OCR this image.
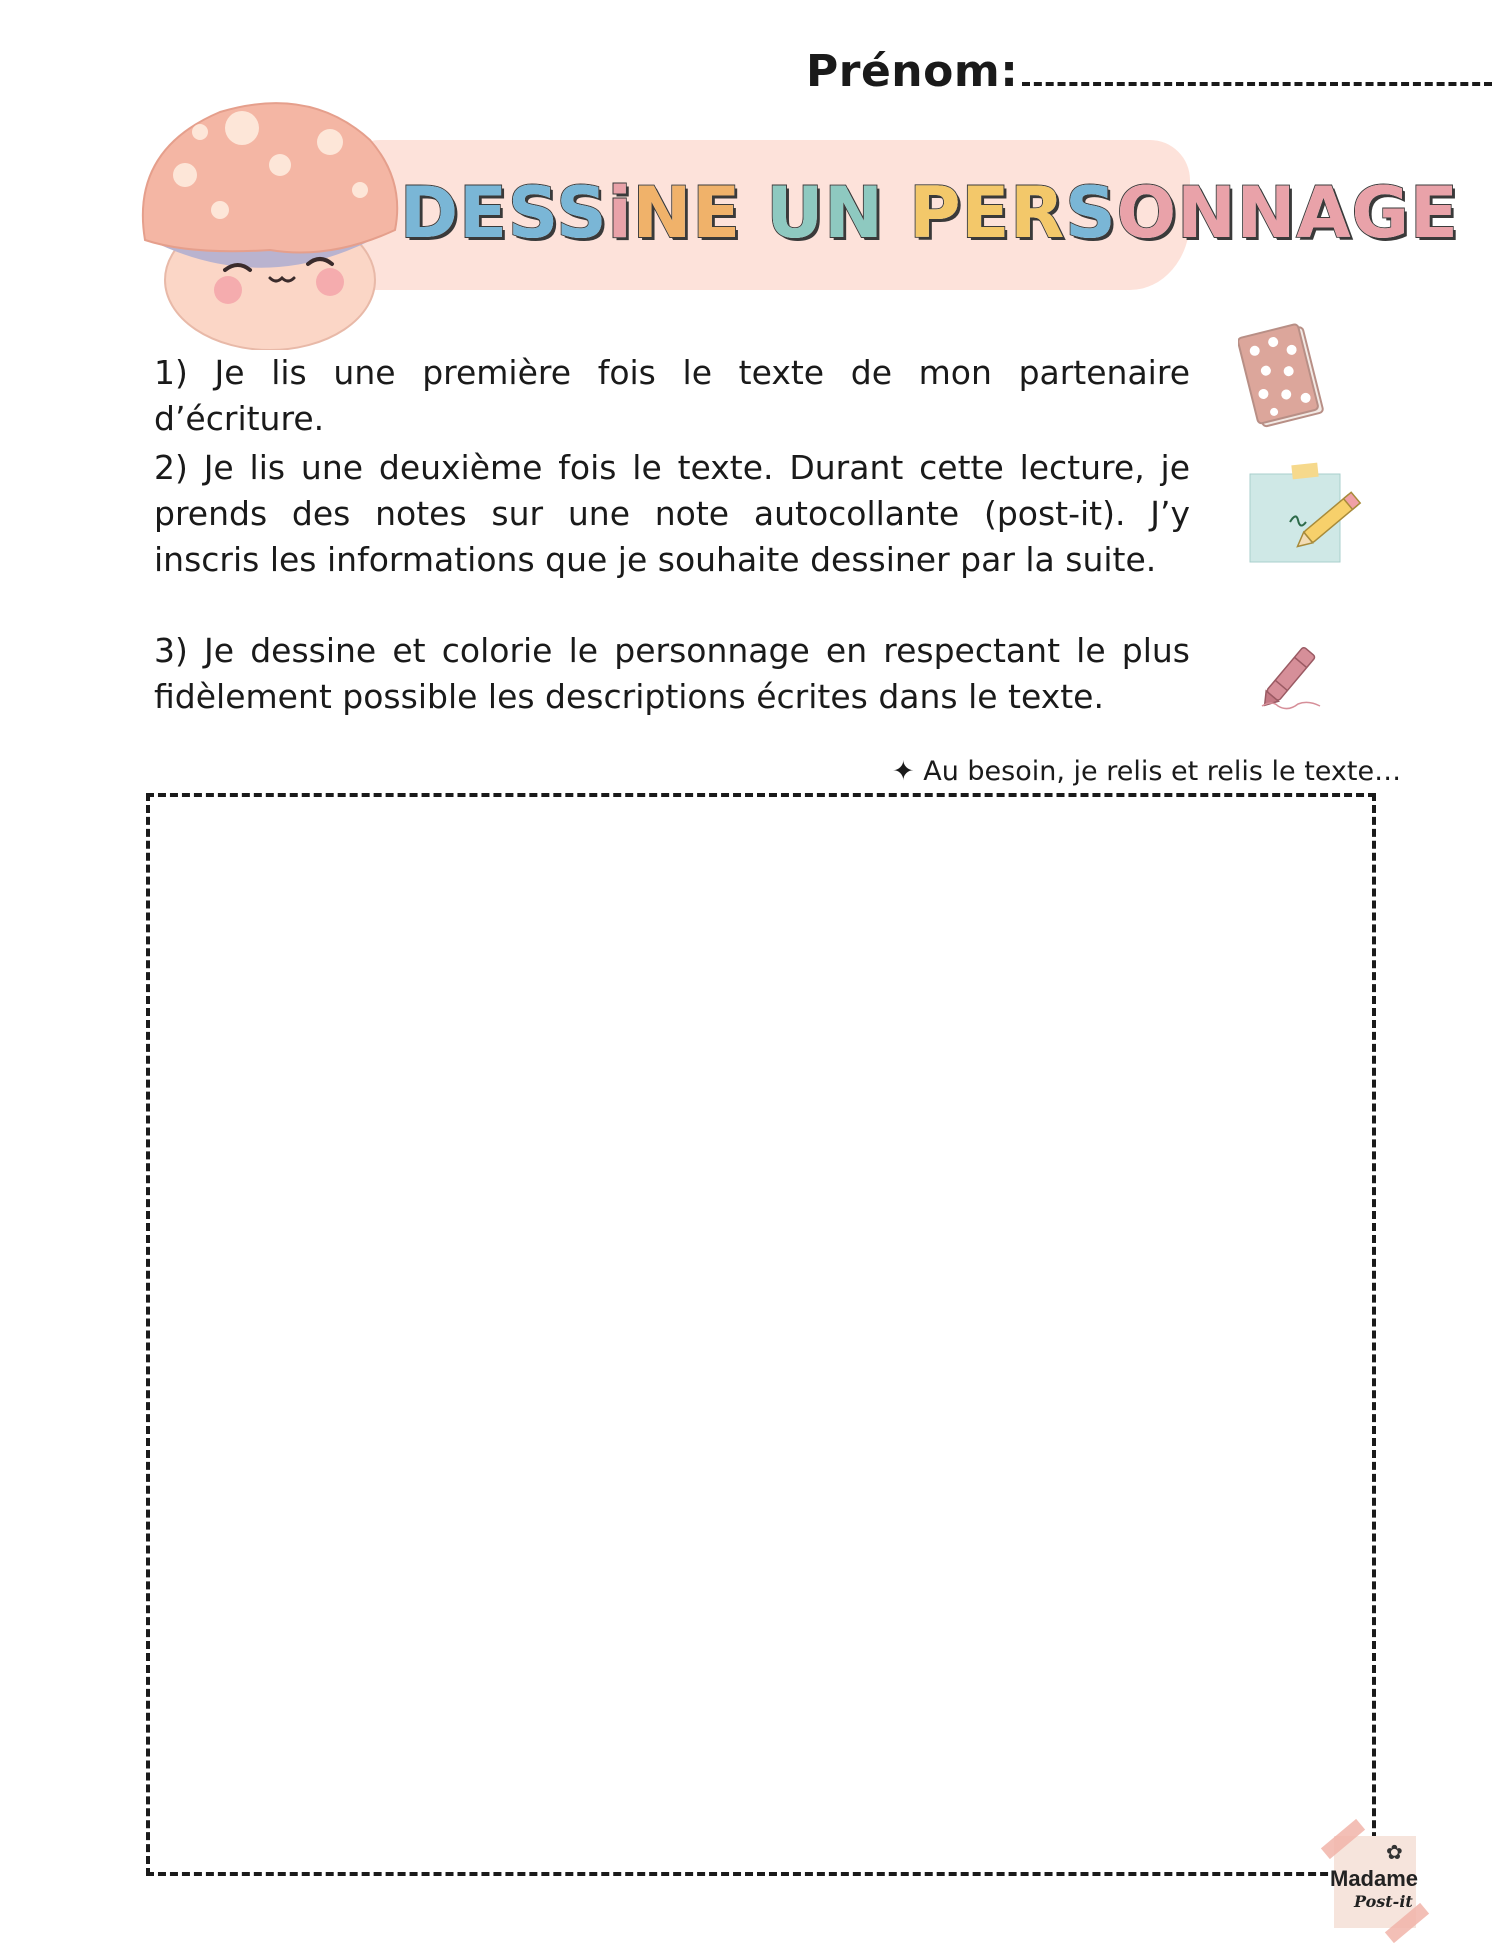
Prénom:
DESSiNE UN PERSONNAGE
1) Je lis une première fois le texte de mon partenaire d’écriture.
2) Je lis une deuxième fois le texte. Durant cette lecture, je prends des notes sur une note autocollante (post-it). J’y inscris les informations que je souhaite dessiner par la suite.
3) Je dessine et colorie le personnage en respectant le plus fidèlement possible les descriptions écrites dans le texte.
✦ Au besoin, je relis et relis le texte…
✿
Madame
Post-it
